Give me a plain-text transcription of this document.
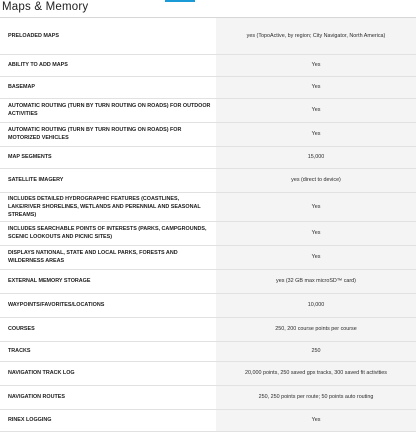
Maps & Memory
PRELOADED MAPS	yes (TopoActive, by region; City Navigator, North America)
ABILITY TO ADD MAPS	Yes
BASEMAP	Yes
AUTOMATIC ROUTING (TURN BY TURN ROUTING ON ROADS) FOR OUTDOOR ACTIVITIES	Yes
AUTOMATIC ROUTING (TURN BY TURN ROUTING ON ROADS) FOR MOTORIZED VEHICLES	Yes
MAP SEGMENTS	15,000
SATELLITE IMAGERY	yes (direct to device)
INCLUDES DETAILED HYDROGRAPHIC FEATURES (COASTLINES, LAKE/RIVER SHORELINES, WETLANDS AND PERENNIAL AND SEASONAL STREAMS)	Yes
INCLUDES SEARCHABLE POINTS OF INTERESTS (PARKS, CAMPGROUNDS, SCENIC LOOKOUTS AND PICNIC SITES)	Yes
DISPLAYS NATIONAL, STATE AND LOCAL PARKS, FORESTS AND WILDERNESS AREAS	Yes
EXTERNAL MEMORY STORAGE	yes (32 GB max microSD™ card)
WAYPOINTS/FAVORITES/LOCATIONS	10,000
COURSES	250, 200 course points per course
TRACKS	250
NAVIGATION TRACK LOG	20,000 points, 250 saved gpx tracks, 300 saved fit activities
NAVIGATION ROUTES	250, 250 points per route; 50 points auto routing
RINEX LOGGING	Yes
